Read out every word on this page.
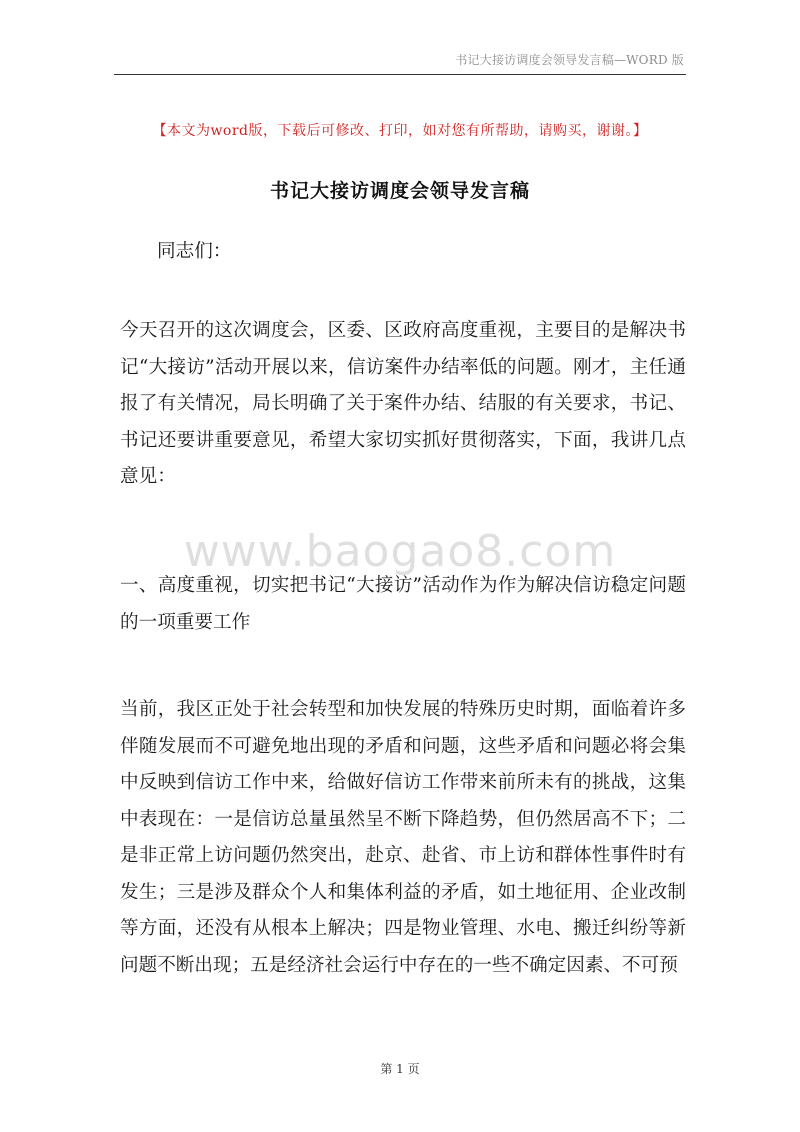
书记大接访调度会领导发言稿—WORD 版
【本文为word版，下载后可修改、打印，如对您有所帮助，请购买，谢谢。】
书记大接访调度会领导发言稿

同志们：

今天召开的这次调度会，区委、区政府高度重视，主要目的是解决书记“大接访”活动开展以来，信访案件办结率低的问题。刚才，主任通报了有关情况，局长明确了关于案件办结、结服的有关要求，书记、书记还要讲重要意见，希望大家切实抓好贯彻落实，下面，我讲几点意见：

www.baogao8.com

一、高度重视，切实把书记“大接访”活动作为作为解决信访稳定问题的一项重要工作

当前，我区正处于社会转型和加快发展的特殊历史时期，面临着许多伴随发展而不可避免地出现的矛盾和问题，这些矛盾和问题必将会集中反映到信访工作中来，给做好信访工作带来前所未有的挑战，这集中表现在：一是信访总量虽然呈不断下降趋势，但仍然居高不下；二是非正常上访问题仍然突出，赴京、赴省、市上访和群体性事件时有发生；三是涉及群众个人和集体利益的矛盾，如土地征用、企业改制等方面，还没有从根本上解决；四是物业管理、水电、搬迁纠纷等新问题不断出现；五是经济社会运行中存在的一些不确定因素、不可预

第 1 页
